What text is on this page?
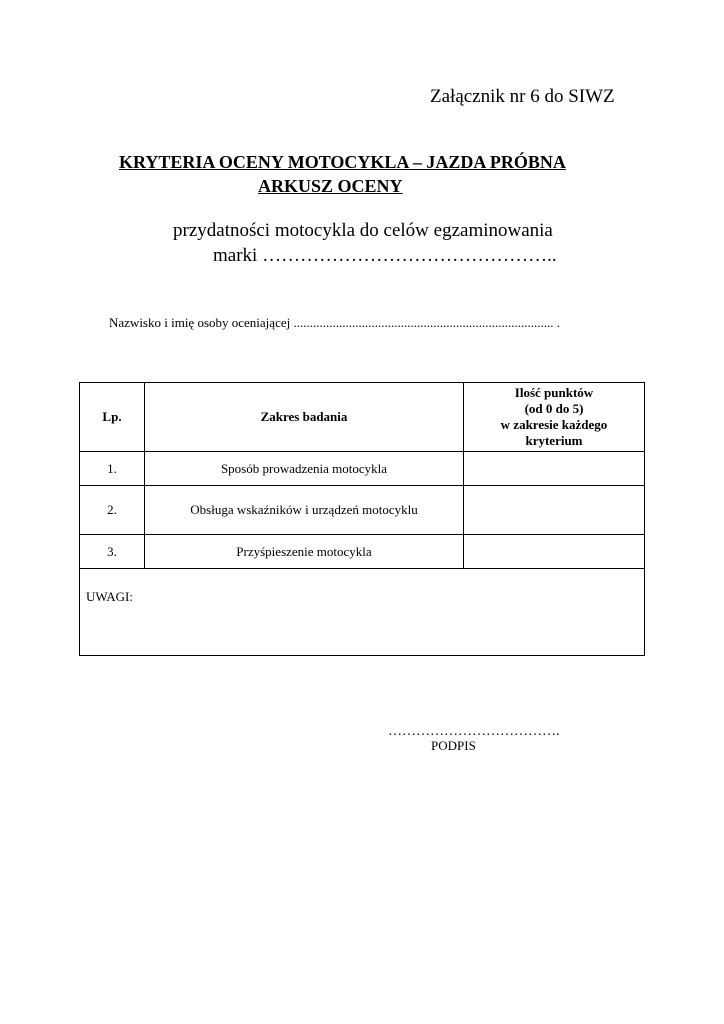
Załącznik nr 6 do SIWZ
KRYTERIA OCENY MOTOCYKLA – JAZDA PRÓBNA
ARKUSZ OCENY
przydatności motocykla do celów egzaminowania
marki ………………………………………..
Nazwisko i imię osoby oceniającej ................................................................................ .
Lp.	Zakres badania	Ilość punktów
(od 0 do 5)
w zakresie każdego
kryterium

1.	Sposób prowadzenia motocykla	
2.	Obsługa wskaźników i urządzeń motocyklu	
3.	Przyśpieszenie motocykla	
UWAGI:		
……………………………….
PODPIS
